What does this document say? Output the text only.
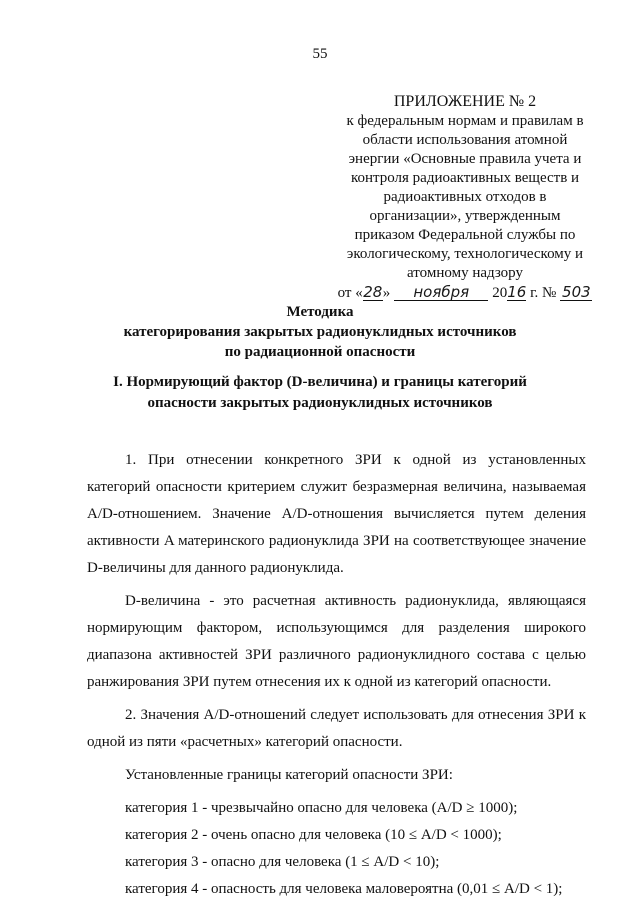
55
ПРИЛОЖЕНИЕ № 2
к федеральным нормам и правилам в
области использования атомной
энергии «Основные правила учета и
контроля радиоактивных веществ и
радиоактивных отходов в
организации», утвержденным
приказом Федеральной службы по
экологическому, технологическому и
атомному надзору
от «28» ноября 2016 г. № 503
Методика
категорирования закрытых радионуклидных источников
по радиационной опасности
I. Нормирующий фактор (D-величина) и границы категорий
опасности закрытых радионуклидных источников

1. При отнесении конкретного ЗРИ к одной из установленных категорий опасности критерием служит безразмерная величина, называемая A/D-отношением. Значение A/D-отношения вычисляется путем деления активности A материнского радионуклида ЗРИ на соответствующее значение D-величины для данного радионуклида.

D-величина - это расчетная активность радионуклида, являющаяся нормирующим фактором, использующимся для разделения широкого диапазона активностей ЗРИ различного радионуклидного состава с целью ранжирования ЗРИ путем отнесения их к одной из категорий опасности.

2. Значения A/D-отношений следует использовать для отнесения ЗРИ к одной из пяти «расчетных» категорий опасности.

Установленные границы категорий опасности ЗРИ:
категория 1 - чрезвычайно опасно для человека (A/D ≥ 1000);
категория 2 - очень опасно для человека (10 ≤ A/D < 1000);
категория 3 - опасно для человека (1 ≤ A/D < 10);
категория 4 - опасность для человека маловероятна (0,01 ≤ A/D < 1);
